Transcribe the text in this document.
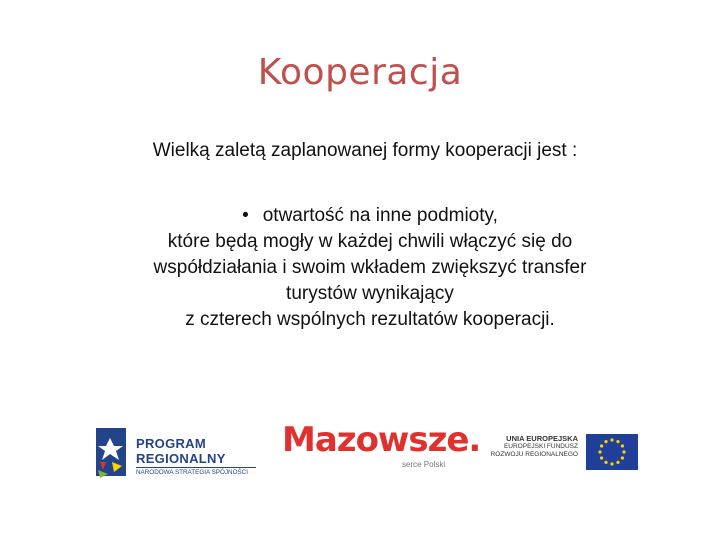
Kooperacja
Wielką zaletą zaplanowanej formy kooperacji jest :
• otwartość na inne podmioty,
które będą mogły w każdej chwili włączyć się do
współdziałania i swoim wkładem zwiększyć transfer
turystów wynikający
z czterech wspólnych rezultatów kooperacji.
PROGRAM
REGIONALNY
NARODOWA STRATEGIA SPÓJNOŚCI
Mazowsze.
serce Polski
UNIA EUROPEJSKA
EUROPEJSKI FUNDUSZ
ROZWOJU REGIONALNEGO
